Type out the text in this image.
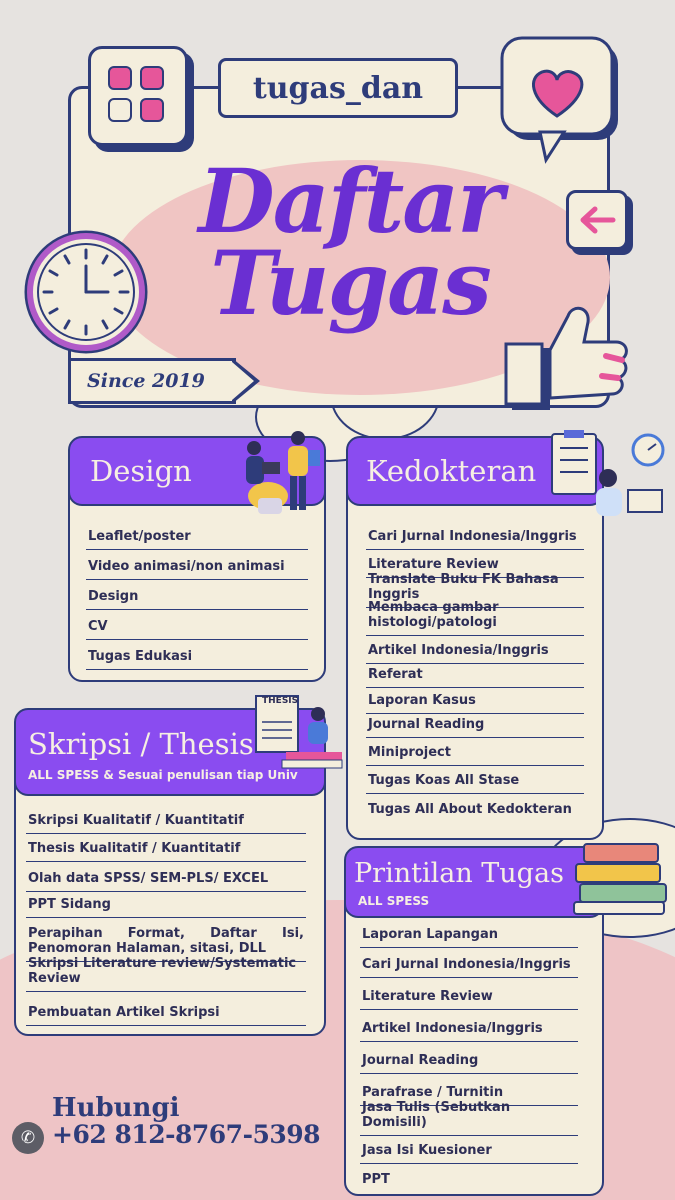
tugas_dan
Daftar
Tugas
Since 2019
Design
Leaflet/poster
Video animasi/non animasi
Design
CV
Tugas Edukasi
Kedokteran
Cari Jurnal Indonesia/Inggris
Literature Review
Translate Buku FK Bahasa Inggris
Membaca gambar histologi/patologi
Artikel Indonesia/Inggris
Referat
Laporan Kasus
Journal Reading
Miniproject
Tugas Koas All Stase
Tugas All About Kedokteran
Skripsi / Thesis
ALL SPESS & Sesuai penulisan tiap Univ
THESIS
Skripsi Kualitatif / Kuantitatif
Thesis Kualitatif / Kuantitatif
Olah data SPSS/ SEM-PLS/ EXCEL
PPT Sidang
Perapihan Format, Daftar Isi, Penomoran Halaman, sitasi, DLL
Skripsi Literature review/Systematic Review
Pembuatan Artikel Skripsi
Printilan Tugas
ALL SPESS
Laporan Lapangan
Cari Jurnal Indonesia/Inggris
Literature Review
Artikel Indonesia/Inggris
Journal Reading
Parafrase / Turnitin
Jasa Tulis (Sebutkan Domisili)
Jasa Isi Kuesioner
PPT
Hubungi
✆ +62 812-8767-5398
